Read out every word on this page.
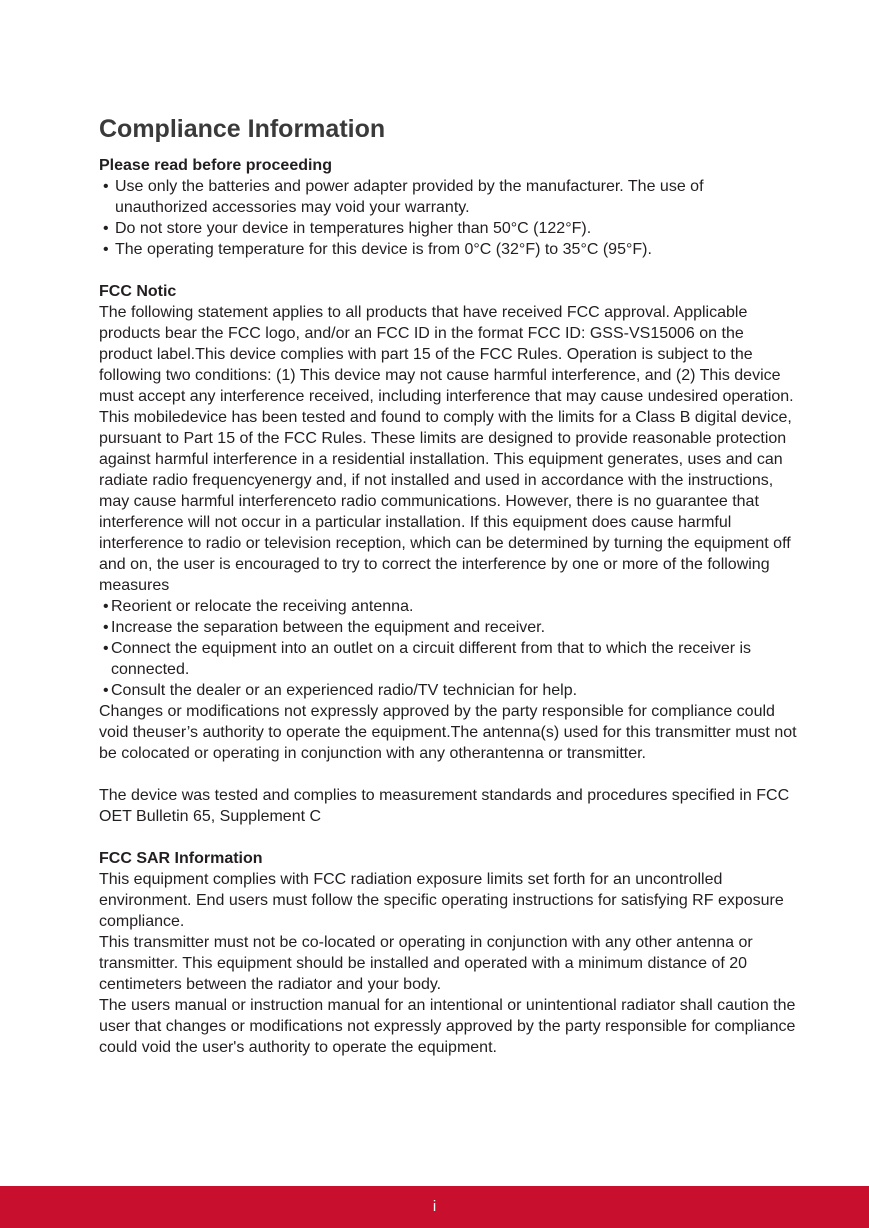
Compliance Information

Please read before proceeding

• Use only the batteries and power adapter provided by the manufacturer. The use of unauthorized accessories may void your warranty.
• Do not store your device in temperatures higher than 50°C (122°F).
• The operating temperature for this device is from 0°C (32°F) to 35°C (95°F).

FCC Notic

The following statement applies to all products that have received FCC approval. Applicable products bear the FCC logo, and/or an FCC ID in the format FCC ID: GSS-VS15006 on the product label.This device complies with part 15 of the FCC Rules. Operation is subject to the following two conditions: (1) This device may not cause harmful interference, and (2) This device must accept any interference received, including interference that may cause undesired operation. This mobiledevice has been tested and found to comply with the limits for a Class B digital device, pursuant to Part 15 of the FCC Rules. These limits are designed to provide reasonable protection against harmful interference in a residential installation. This equipment generates, uses and can radiate radio frequencyenergy and, if not installed and used in accordance with the instructions, may cause harmful interferenceto radio communications. However, there is no guarantee that interference will not occur in a particular installation. If this equipment does cause harmful interference to radio or television reception, which can be determined by turning the equipment off and on, the user is encouraged to try to correct the interference by one or more of the following measures

• Reorient or relocate the receiving antenna.
• Increase the separation between the equipment and receiver.
• Connect the equipment into an outlet on a circuit different from that to which the receiver is connected.
• Consult the dealer or an experienced radio/TV technician for help.

Changes or modifications not expressly approved by the party responsible for compliance could void theuser’s authority to operate the equipment.The antenna(s) used for this transmitter must not be colocated or operating in conjunction with any otherantenna or transmitter.

The device was tested and complies to measurement standards and procedures specified in FCC OET Bulletin 65, Supplement C

FCC SAR Information

This equipment complies with FCC radiation exposure limits set forth for an uncontrolled environment. End users must follow the specific operating instructions for satisfying RF exposure compliance.

This transmitter must not be co-located or operating in conjunction with any other antenna or transmitter. This equipment should be installed and operated with a minimum distance of 20 centimeters between the radiator and your body.

The users manual or instruction manual for an intentional or unintentional radiator shall caution the user that changes or modifications not expressly approved by the party responsible for compliance could void the user's authority to operate the equipment.

i
